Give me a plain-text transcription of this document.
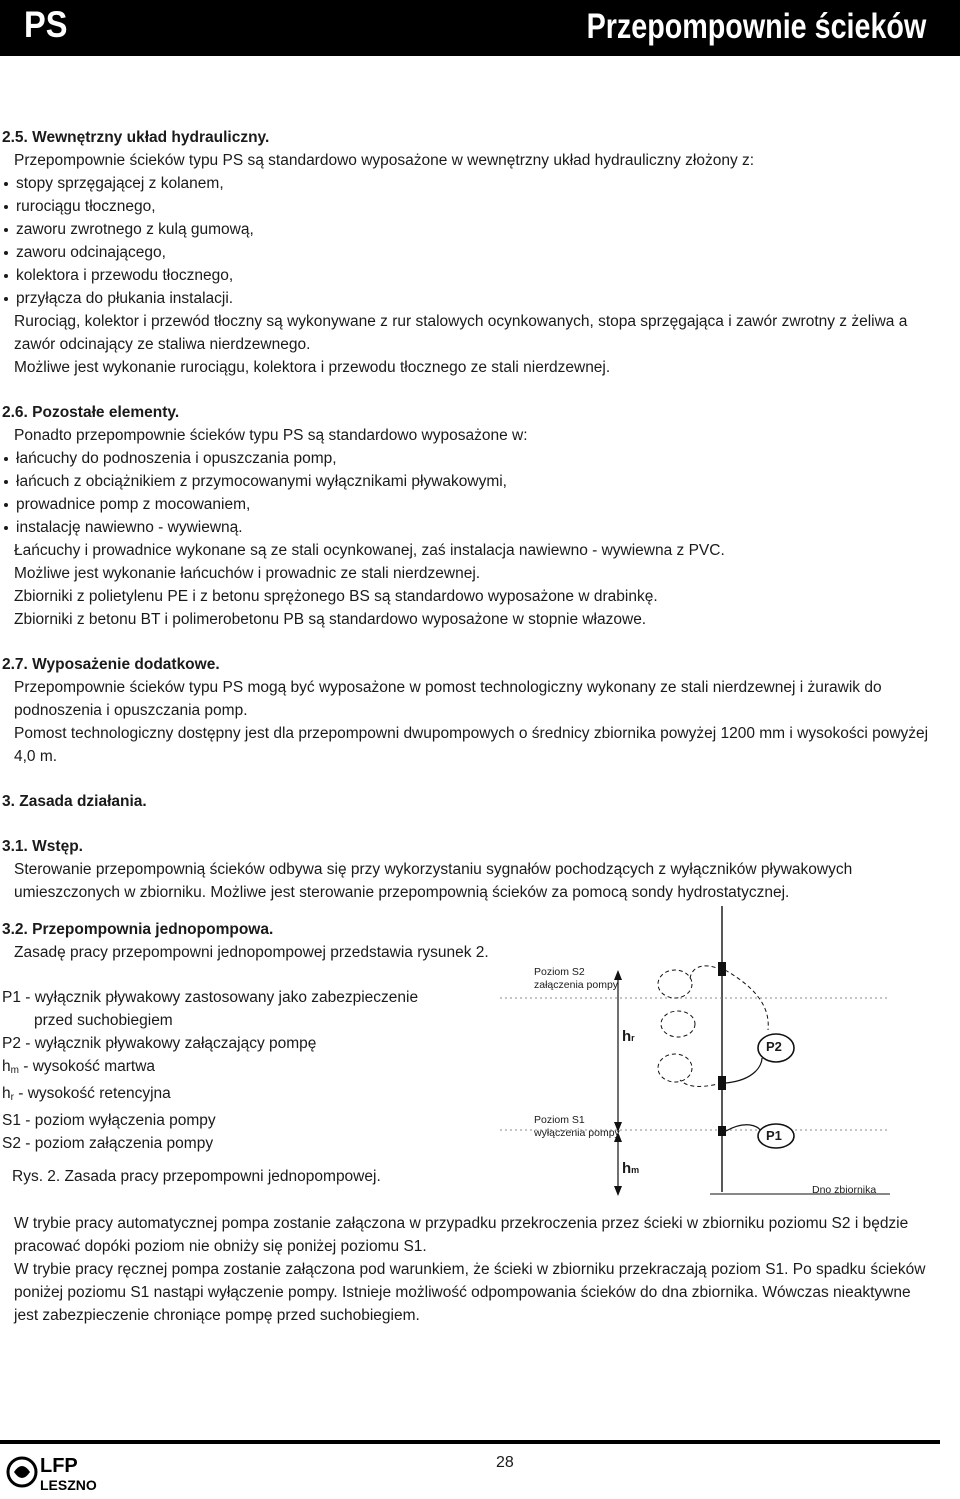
PS	Przepompownie ścieków

2.5. Wewnętrzny układ hydrauliczny.

Przepompownie ścieków typu PS są standardowo wyposażone w wewnętrzny układ hydrauliczny złożony z:

stopy sprzęgającej z kolanem,
rurociągu tłocznego,
zaworu zwrotnego z kulą gumową,
zaworu odcinającego,
kolektora i przewodu tłocznego,
przyłącza do płukania instalacji.

Rurociąg, kolektor i przewód tłoczny są wykonywane z rur stalowych ocynkowanych, stopa sprzęgająca i zawór zwrotny z żeliwa a zawór odcinający ze staliwa nierdzewnego.

Możliwe jest wykonanie rurociągu, kolektora i przewodu tłocznego ze stali nierdzewnej.

2.6. Pozostałe elementy.

Ponadto przepompownie ścieków typu PS są standardowo wyposażone w:

łańcuchy do podnoszenia i opuszczania pomp,
łańcuch z obciążnikiem z przymocowanymi wyłącznikami pływakowymi,
prowadnice pomp z mocowaniem,
instalację nawiewno - wywiewną.

Łańcuchy i prowadnice wykonane są ze stali ocynkowanej, zaś instalacja nawiewno - wywiewna z PVC.

Możliwe jest wykonanie łańcuchów i prowadnic ze stali nierdzewnej.

Zbiorniki z polietylenu PE i z betonu sprężonego BS są standardowo wyposażone w drabinkę.

Zbiorniki z betonu BT i polimerobetonu PB są standardowo wyposażone w stopnie włazowe.

2.7. Wyposażenie dodatkowe.

Przepompownie ścieków typu PS mogą być wyposażone w pomost technologiczny wykonany ze stali nierdzewnej i żurawik do podnoszenia i opuszczania pomp.

Pomost technologiczny dostępny jest dla przepompowni dwupompowych o średnicy zbiornika powyżej 1200 mm i wysokości powyżej 4,0 m.

3. Zasada działania.

3.1. Wstęp.

Sterowanie przepompownią ścieków odbywa się przy wykorzystaniu sygnałów pochodzących z wyłączników pływakowych umieszczonych w zbiorniku. Możliwe jest sterowanie przepompownią ścieków za pomocą sondy hydrostatycznej.

3.2. Przepompownia jednopompowa.

Zasadę pracy przepompowni jednopompowej przedstawia rysunek 2.

P1 - wyłącznik pływakowy zastosowany jako zabezpieczenie

przed suchobiegiem

P2 - wyłącznik pływakowy załączający pompę

$h_m$ - wysokość martwa

$h_r$ - wysokość retencyjna

S1 - poziom wyłączenia pompy

S2 - poziom załączenia pompy

Rys. 2. Zasada pracy przepompowni jednopompowej.
Poziom S2
załączenia pompy
Poziom S1
wyłączenia pompy
hr
hm
P2
P1
Dno zbiornika

W trybie pracy automatycznej pompa zostanie załączona w przypadku przekroczenia przez ścieki w zbiorniku poziomu S2 i będzie pracować dopóki poziom nie obniży się poniżej poziomu S1.

W trybie pracy ręcznej pompa zostanie załączona pod warunkiem, że ścieki w zbiorniku przekraczają poziom S1. Po spadku ścieków poniżej poziomu S1 nastąpi wyłączenie pompy. Istnieje możliwość odpompowania ścieków do dna zbiornika. Wówczas nieaktywne jest zabezpieczenie chroniące pompę przed suchobiegiem.

28
LFP
LESZNO
